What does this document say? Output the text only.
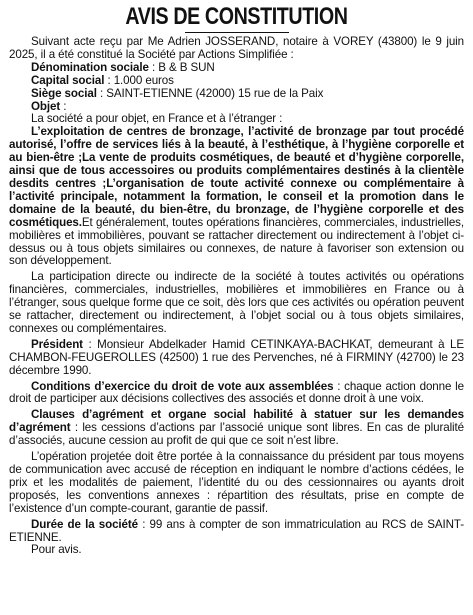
AVIS DE CONSTITUTION

Suivant acte reçu par Me Adrien JOSSERAND, notaire à VOREY (43800) le 9 juin 2025, il a été constitué la Société par Actions Simplifiée :

Dénomination sociale : B & B SUN

Capital social : 1.000 euros

Siège social : SAINT-ETIENNE (42000) 15 rue de la Paix

Objet :

La société a pour objet, en France et à l’étranger :

L’exploitation de centres de bronzage, l’activité de bronzage par tout procédé autorisé, l’offre de services liés à la beauté, à l’esthétique, à l’hygiène corporelle et au bien-être ;La vente de produits cosmétiques, de beauté et d’hygiène corporelle, ainsi que de tous accessoires ou produits complémentaires destinés à la clientèle desdits centres ;L’organisation de toute activité connexe ou complémentaire à l’activité principale, notamment la formation, le conseil et la promotion dans le domaine de la beauté, du bien-être, du bronzage, de l’hygiène corporelle et des cosmétiques.Et généralement, toutes opérations financières, commerciales, industrielles, mobilières et immobilières, pouvant se rattacher directement ou indirectement à l’objet ci-dessus ou à tous objets similaires ou connexes, de nature à favoriser son extension ou son développement.

La participation directe ou indirecte de la société à toutes activités ou opérations financières, commerciales, industrielles, mobilières et immobilières en France ou à l’étranger, sous quelque forme que ce soit, dès lors que ces activités ou opération peuvent se rattacher, directement ou indirectement, à l’objet social ou à tous objets similaires, connexes ou complémentaires.

Président : Monsieur Abdelkader Hamid CETINKAYA-BACHKAT, demeurant à LE CHAMBON-FEUGEROLLES (42500) 1 rue des Pervenches, né à FIRMINY (42700) le 23 décembre 1990.

Conditions d’exercice du droit de vote aux assemblées : chaque action donne le droit de participer aux décisions collectives des associés et donne droit à une voix.

Clauses d’agrément et organe social habilité à statuer sur les demandes d’agrément : les cessions d’actions par l’associé unique sont libres. En cas de pluralité d’associés, aucune cession au profit de qui que ce soit n’est libre.

L’opération projetée doit être portée à la connaissance du président par tous moyens de communication avec accusé de réception en indiquant le nombre d’actions cédées, le prix et les modalités de paiement, l’identité du ou des cessionnaires ou ayants droit proposés, les conventions annexes : répartition des résultats, prise en compte de l’existence d’un compte-courant, garantie de passif.

Durée de la société : 99 ans à compter de son immatriculation au RCS de SAINT-ETIENNE.

Pour avis.
